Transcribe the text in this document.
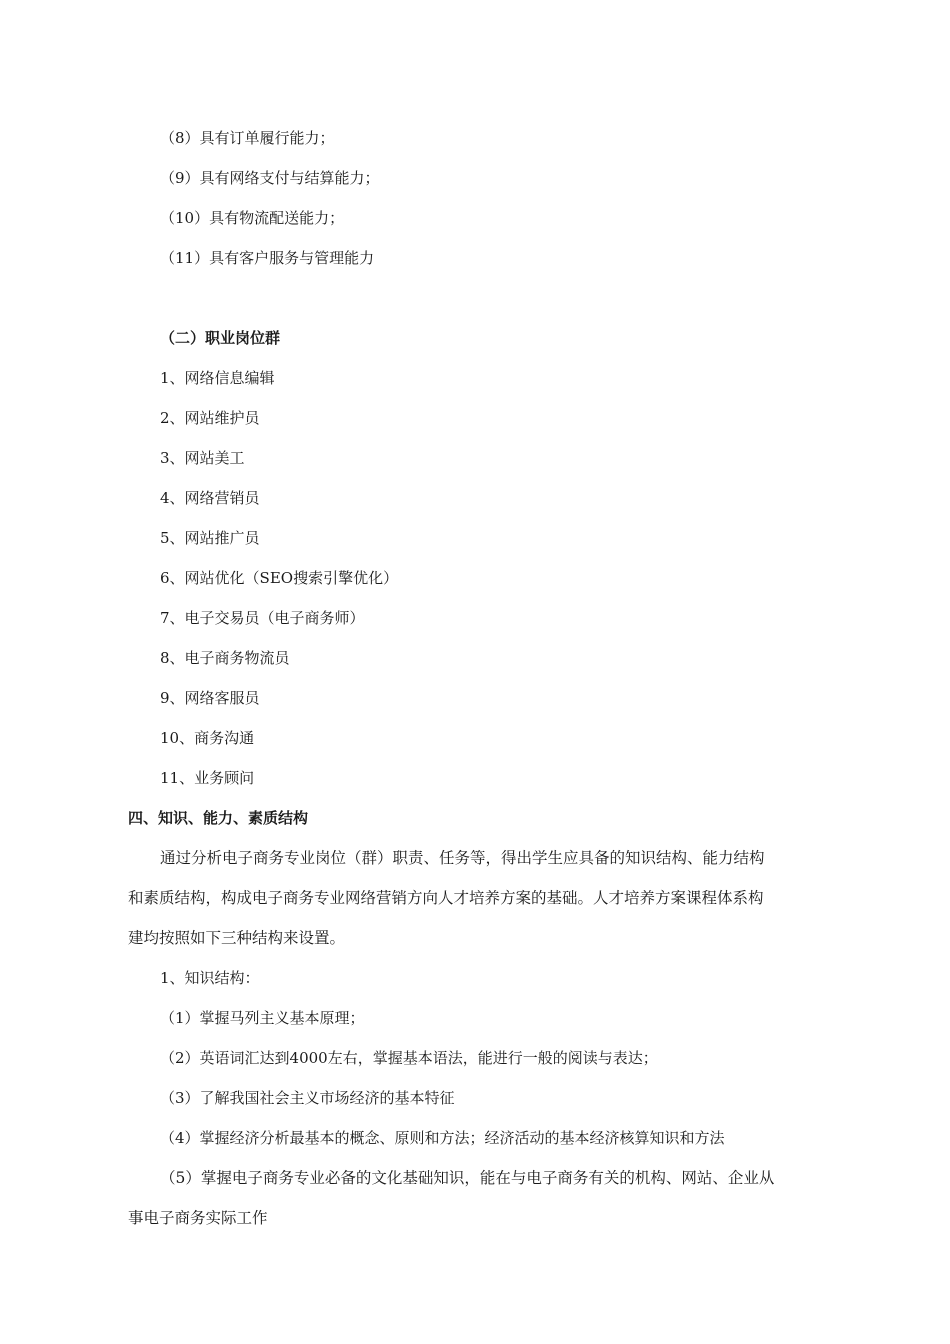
（8）具有订单履行能力；
（9）具有网络支付与结算能力；
（10）具有物流配送能力；
（11）具有客户服务与管理能力
（二）职业岗位群
1、网络信息编辑
2、网站维护员
3、网站美工
4、网络营销员
5、网站推广员
6、网站优化（SEO搜索引擎优化）
7、电子交易员（电子商务师）
8、电子商务物流员
9、网络客服员
10、商务沟通
11、业务顾问
四、知识、能力、素质结构
通过分析电子商务专业岗位（群）职责、任务等，得出学生应具备的知识结构、能力结构
和素质结构，构成电子商务专业网络营销方向人才培养方案的基础。人才培养方案课程体系构
建均按照如下三种结构来设置。
1、知识结构：
（1）掌握马列主义基本原理；
（2）英语词汇达到4000左右，掌握基本语法，能进行一般的阅读与表达；
（3）了解我国社会主义市场经济的基本特征
（4）掌握经济分析最基本的概念、原则和方法；经济活动的基本经济核算知识和方法
（5）掌握电子商务专业必备的文化基础知识，能在与电子商务有关的机构、网站、企业从
事电子商务实际工作
